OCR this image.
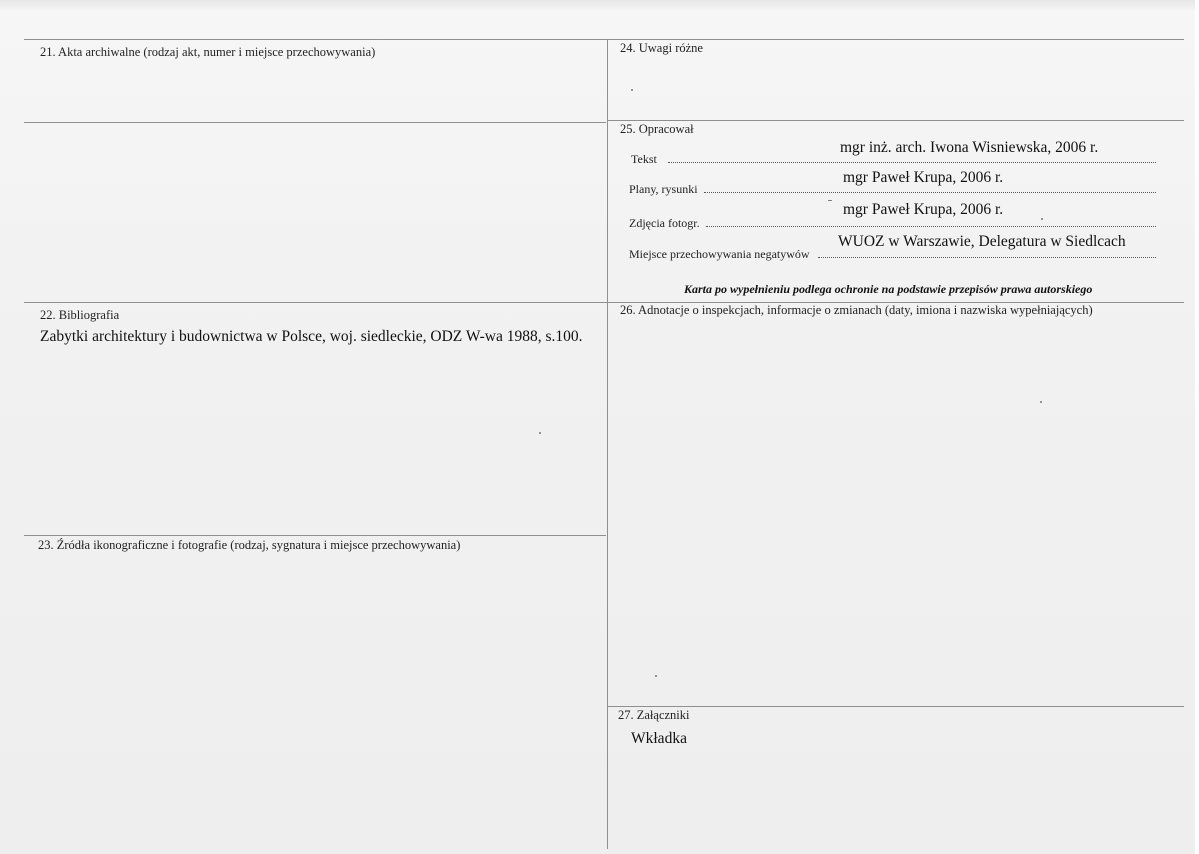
21. Akta archiwalne (rodzaj akt, numer i miejsce przechowywania)	24. Uwagi różne
25. Opracował
Tekst
mgr inż. arch. Iwona Wisniewska, 2006 r.
Plany, rysunki
mgr Paweł Krupa, 2006 r.
Zdjęcia fotogr.
mgr Paweł Krupa, 2006 r.
Miejsce przechowywania negatywów
WUOZ w Warszawie, Delegatura w Siedlcach
Karta po wypełnieniu podlega ochronie na podstawie przepisów prawa autorskiego
22. Bibliografia
Zabytki architektury i budownictwa w Polsce, woj. siedleckie, ODZ W-wa 1988, s.100.
26. Adnotacje o inspekcjach, informacje o zmianach (daty, imiona i nazwiska wypełniających)
23. Źródła ikonograficzne i fotografie (rodzaj, sygnatura i miejsce przechowywania)
27. Załączniki
Wkładka
